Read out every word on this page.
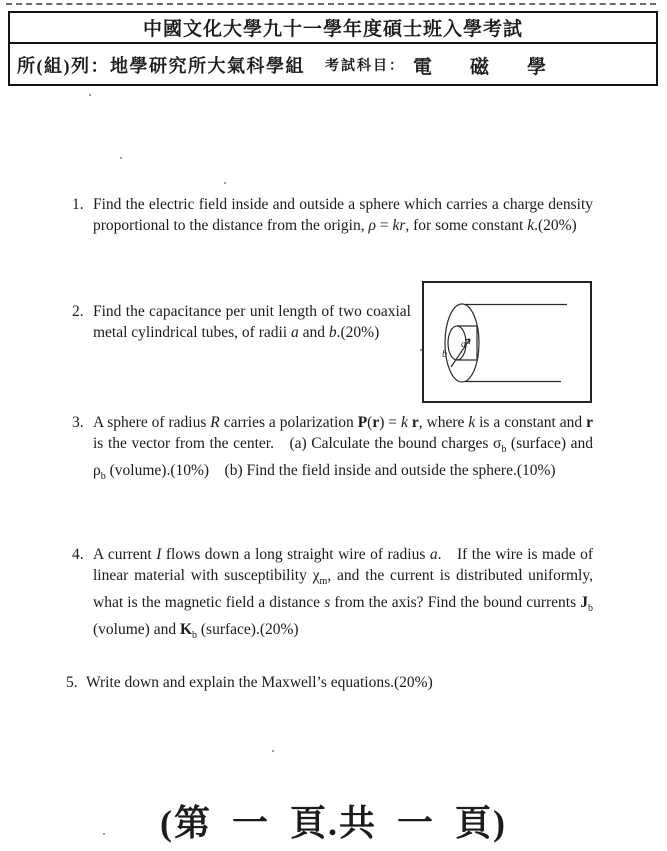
中國文化大學九十一學年度碩士班入學考試
所(組)列： 地學研究所大氣科學組 考試科目： 電　　磁　　學
1. Find the electric field inside and outside a sphere which carries a charge density proportional to the distance from the origin, ρ = kr, for some constant k.(20%)
2. Find the capacitance per unit length of two coaxial metal cylindrical tubes, of radii a and b.(20%)
a
b
3. A sphere of radius R carries a polarization P(r) = k r, where k is a constant and r is the vector from the center.  (a) Calculate the bound charges $\sigma_b$ (surface) and $\rho_b$ (volume).(10%)  (b) Find the field inside and outside the sphere.(10%)
4. A current I flows down a long straight wire of radius a.  If the wire is made of linear material with susceptibility $\chi_m$, and the current is distributed uniformly, what is the magnetic field a distance s from the axis? Find the bound currents $J_b$ (volume) and $K_b$ (surface).(20%)
5. Write down and explain the Maxwell’s equations.(20%)
(第 一 頁.共 一 頁)
